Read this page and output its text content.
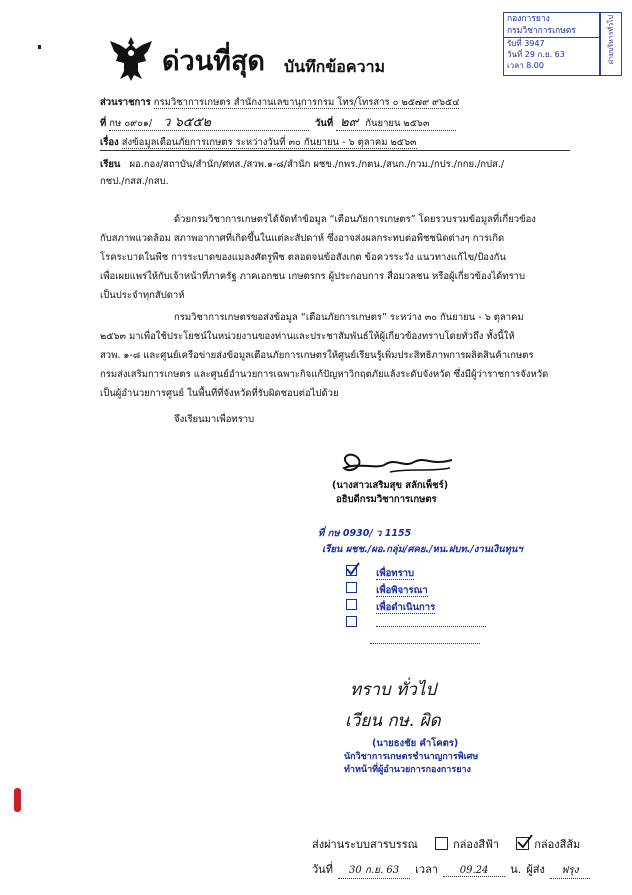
กองการยาง
กรมวิชาการเกษตร
รับที่ 3947
วันที่ 29 ก.ย. 63
เวลา 8.00
ฝ่ายบริหารทั่วไป
ด่วนที่สุด บันทึกข้อความ
ส่วนราชการ กรมวิชาการเกษตร สำนักงานเลขานุการกรม โทร/โทรสาร ๐ ๒๕๗๙ ๙๖๕๔
ที่ กษ ๐๙๐๑/ ว ๖๕๕๒	วันที่ ๒๙ กันยายน ๒๕๖๓
เรื่อง ส่งข้อมูลเตือนภัยการเกษตร ระหว่างวันที่ ๓๐ กันยายน - ๖ ตุลาคม ๒๕๖๓
เรียน ผอ.กอง/สถาบัน/สำนัก/ศทส./สวพ.๑-๘/สำนัก ผชข./กพร./กตน./สนก./กวม./กปร./กกย./กปส./
กชป./กสส./กสบ.
ด้วยกรมวิชาการเกษตรได้จัดทำข้อมูล “เตือนภัยการเกษตร” โดยรวบรวมข้อมูลที่เกี่ยวข้อง
กับสภาพแวดล้อม สภาพอากาศที่เกิดขึ้นในแต่ละสัปดาห์ ซึ่งอาจส่งผลกระทบต่อพืชชนิดต่างๆ การเกิด
โรคระบาดในพืช การระบาดของแมลงศัตรูพืช ตลอดจนข้อสังเกต ข้อควรระวัง แนวทางแก้ไข/ป้องกัน
เพื่อเผยแพร่ให้กับเจ้าหน้าที่ภาครัฐ ภาคเอกชน เกษตรกร ผู้ประกอบการ สื่อมวลชน หรือผู้เกี่ยวข้องได้ทราบ
เป็นประจำทุกสัปดาห์
กรมวิชาการเกษตรขอส่งข้อมูล “เตือนภัยการเกษตร” ระหว่าง ๓๐ กันยายน - ๖ ตุลาคม
๒๕๖๓ มาเพื่อใช้ประโยชน์ในหน่วยงานของท่านและประชาสัมพันธ์ให้ผู้เกี่ยวข้องทราบโดยทั่วถึง ทั้งนี้ให้
สวพ. ๑-๘ และศูนย์เครือข่ายส่งข้อมูลเตือนภัยการเกษตรให้ศูนย์เรียนรู้เพิ่มประสิทธิภาพการผลิตสินค้าเกษตร
กรมส่งเสริมการเกษตร และศูนย์อำนวยการเฉพาะกิจแก้ปัญหาวิกฤตภัยแล้งระดับจังหวัด ซึ่งมีผู้ว่าราชการจังหวัด
เป็นผู้อำนวยการศูนย์ ในพื้นที่ที่จังหวัดที่รับผิดชอบต่อไปด้วย
จึงเรียนมาเพื่อทราบ
(นางสาวเสริมสุข สลักเพ็ชร์)
อธิบดีกรมวิชาการเกษตร
ที่ กษ 0930/ ว 1155
เรียน ผชช./ผอ.กลุ่ม/ศคย./หน.ฝบท./งานเงินทุนฯ
เพื่อทราบ
เพื่อพิจารณา
เพื่อดำเนินการ

ทราบ ทั่วไป
เวียน กษ. ผิด
(นายธงชัย คำโคตร)
นักวิชาการเกษตรชำนาญการพิเศษ
ทำหน้าที่ผู้อำนวยการกองการยาง
ส่งผ่านระบบสารบรรณ	กล่องสีฟ้า	กล่องสีส้ม
วันที่ 30 ก.ย. 63 เวลา 09.24 น. ผู้ส่ง ฟรุง
